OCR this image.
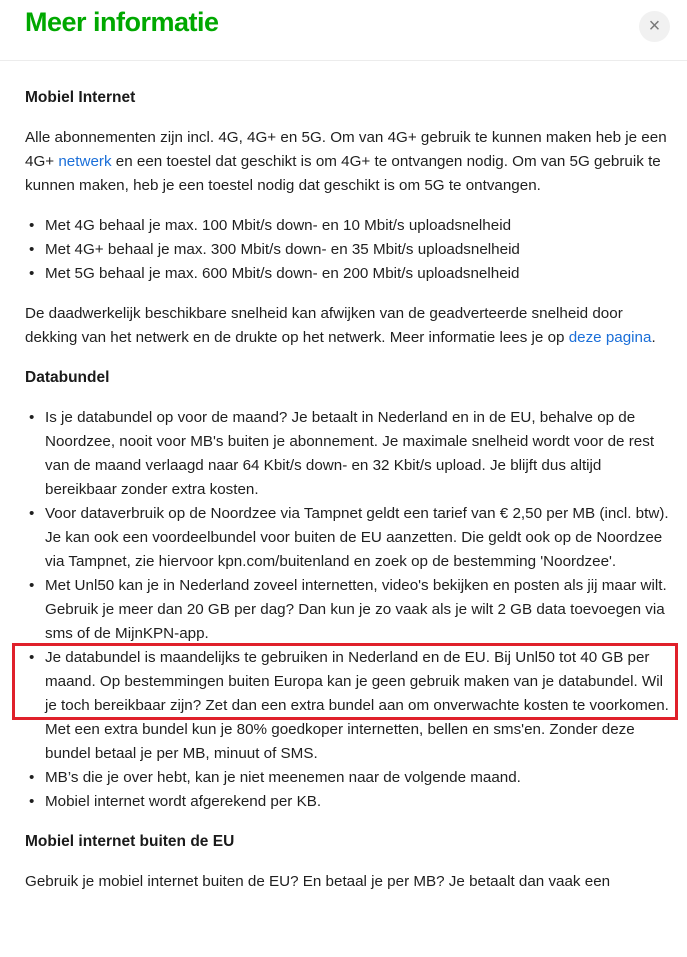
Meer informatie	×
Mobiel Internet

Alle abonnementen zijn incl. 4G, 4G+ en 5G. Om van 4G+ gebruik te kunnen maken heb je een 4G+ netwerk en een toestel dat geschikt is om 4G+ te ontvangen nodig. Om van 5G gebruik te kunnen maken, heb je een toestel nodig dat geschikt is om 5G te ontvangen.

• Met 4G behaal je max. 100 Mbit/s down- en 10 Mbit/s uploadsnelheid
• Met 4G+ behaal je max. 300 Mbit/s down- en 35 Mbit/s uploadsnelheid
• Met 5G behaal je max. 600 Mbit/s down- en 200 Mbit/s uploadsnelheid

De daadwerkelijk beschikbare snelheid kan afwijken van de geadverteerde snelheid door dekking van het netwerk en de drukte op het netwerk. Meer informatie lees je op deze pagina.

Databundel
• Is je databundel op voor de maand? Je betaalt in Nederland en in de EU, behalve op de Noordzee, nooit voor MB's buiten je abonnement. Je maximale snelheid wordt voor de rest van de maand verlaagd naar 64 Kbit/s down- en 32 Kbit/s upload. Je blijft dus altijd bereikbaar zonder extra kosten.
• Voor dataverbruik op de Noordzee via Tampnet geldt een tarief van € 2,50 per MB (incl. btw). Je kan ook een voordeelbundel voor buiten de EU aanzetten. Die geldt ook op de Noordzee via Tampnet, zie hiervoor kpn.com/buitenland en zoek op de bestemming 'Noordzee'.
• Met Unl50 kan je in Nederland zoveel internetten, video's bekijken en posten als jij maar wilt. Gebruik je meer dan 20 GB per dag? Dan kun je zo vaak als je wilt 2 GB data toevoegen via sms of de MijnKPN-app.
• Je databundel is maandelijks te gebruiken in Nederland en de EU. Bij Unl50 tot 40 GB per maand. Op bestemmingen buiten Europa kan je geen gebruik maken van je databundel. Wil je toch bereikbaar zijn? Zet dan een extra bundel aan om onverwachte kosten te voorkomen. Met een extra bundel kun je 80% goedkoper internetten, bellen en sms'en. Zonder deze bundel betaal je per MB, minuut of SMS.
• MB’s die je over hebt, kan je niet meenemen naar de volgende maand.
• Mobiel internet wordt afgerekend per KB.
Mobiel internet buiten de EU

Gebruik je mobiel internet buiten de EU? En betaal je per MB? Je betaalt dan vaak een
